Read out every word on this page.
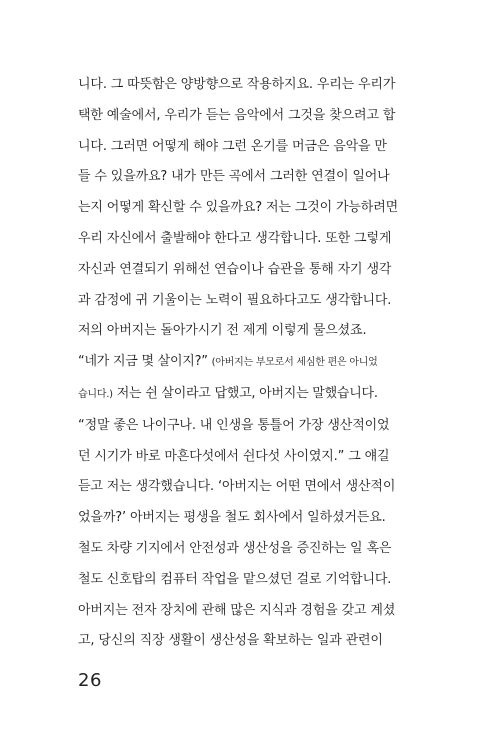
니다. 그 따뜻함은 양방향으로 작용하지요. 우리는 우리가
택한 예술에서, 우리가 듣는 음악에서 그것을 찾으려고 합
니다. 그러면 어떻게 해야 그런 온기를 머금은 음악을 만
들 수 있을까요? 내가 만든 곡에서 그러한 연결이 일어나
는지 어떻게 확신할 수 있을까요? 저는 그것이 가능하려면
우리 자신에서 출발해야 한다고 생각합니다. 또한 그렇게
자신과 연결되기 위해선 연습이나 습관을 통해 자기 생각
과 감정에 귀 기울이는 노력이 필요하다고도 생각합니다.
저의 아버지는 돌아가시기 전 제게 이렇게 물으셨죠.
“네가 지금 몇 살이지?” (아버지는 부모로서 세심한 편은 아니었
습니다.) 저는 쉰 살이라고 답했고, 아버지는 말했습니다.
“정말 좋은 나이구나. 내 인생을 통틀어 가장 생산적이었
던 시기가 바로 마흔다섯에서 쉰다섯 사이였지.” 그 얘길
듣고 저는 생각했습니다. ‘아버지는 어떤 면에서 생산적이
었을까?’ 아버지는 평생을 철도 회사에서 일하셨거든요.
철도 차량 기지에서 안전성과 생산성을 증진하는 일 혹은
철도 신호탑의 컴퓨터 작업을 맡으셨던 걸로 기억합니다.
아버지는 전자 장치에 관해 많은 지식과 경험을 갖고 계셨
고, 당신의 직장 생활이 생산성을 확보하는 일과 관련이
26
